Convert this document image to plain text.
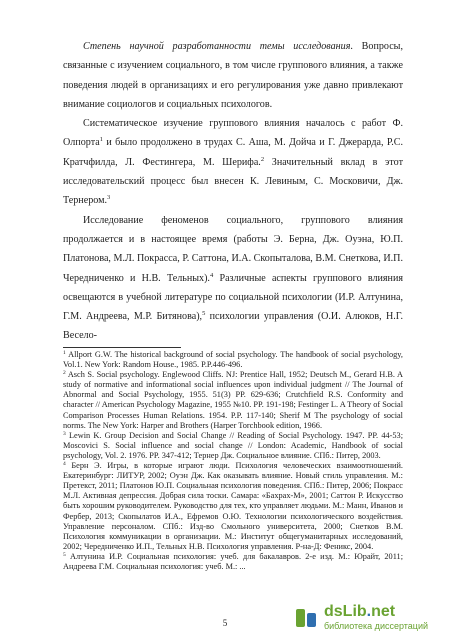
Степень научной разработанности темы исследования. Вопросы, связанные с изучением социального, в том числе группового влияния, а также поведения людей в организациях и его регулирования уже давно привлекают внимание социологов и социальных психологов.

Систематическое изучение группового влияния началось с работ Ф. Олпорта$^1$ и было продолжено в трудах С. Аша, М. Дойча и Г. Джерарда, Р.С. Кратчфилда, Л. Фестингера, М. Шерифа.$^2$ Значительный вклад в этот исследовательский процесс был внесен К. Левиным, С. Московичи, Дж. Тернером.$^3$

Исследование феноменов социального, группового влияния продолжается и в настоящее время (работы Э. Берна, Дж. Оуэна, Ю.П. Платонова, М.Л. Покрасса, Р. Саттона, И.А. Скопыталова, В.М. Снеткова, И.П. Чередниченко и Н.В. Тельных).$^4$ Различные аспекты группового влияния освещаются в учебной литературе по социальной психологии (И.Р. Алтунина, Г.М. Андреева, М.Р. Битянова),$^5$ психологии управления (О.И. Алюков, Н.Г. Весело-

$^1$ Allport G.W. The historical background of social psychology. The handbook of social psychology, Vol.1. New York: Random House., 1985. P.P.446-496.

$^2$ Asch S. Social psychology. Englewood Cliffs. NJ: Prentice Hall, 1952; Deutsch M., Gerard H.B. A study of normative and informational social influences upon individual judgment // The Journal of Abnormal and Social Psychology, 1955. 51(3) PP. 629-636; Crutchfield R.S. Conformity and character // American Psychology Magazine, 1955 №10. PP. 191-198; Festinger L. A Theory of Social Comparison Processes Human Relations. 1954. P.P. 117-140; Sherif M The psychology of social norms. The New York: Harper and Brothers (Harper Torchbook edition, 1966.

$^3$ Lewin K. Group Decision and Social Change // Reading of Social Psychology. 1947. PP. 44-53; Moscovici S. Social influence and social change // London: Academic, Handbook of social psychology, Vol. 2. 1976. PP. 347-412; Тернер Дж. Социальное влияние. СПб.: Питер, 2003.

$^4$ Берн Э. Игры, в которые играют люди. Психология человеческих взаимоотношений. Екатеринбург: ЛИТУР, 2002; Оуэн Дж. Как оказывать влияние. Новый стиль управления. М.: Претекст, 2011; Платонов Ю.П. Социальная психология поведения. СПб.: Питер, 2006; Покрасс М.Л. Активная депрессия. Добрая сила тоски. Самара: «Бахрах-М», 2001; Саттон Р. Искусство быть хорошим руководителем. Руководство для тех, кто управляет людьми. М.: Манн, Иванов и Фербер, 2013; Скопылатов И.А., Ефремов О.Ю. Технологии психологического воздействия. Управление персоналом. СПб.: Изд-во Смольного университета, 2000; Снетков В.М. Психология коммуникации в организации. М.: Институт общегуманитарных исследований, 2002; Чередниченко И.П., Тельных Н.В. Психология управления. Р-на-Д: Феникс, 2004.

$^5$ Алтунина И.Р. Социальная психология: учеб. для бакалавров. 2-е изд. М.: Юрайт, 2011; Андреева Г.М. Социальная психология: учеб. М.: ...

5
dsLib.net
библиотека диссертаций
